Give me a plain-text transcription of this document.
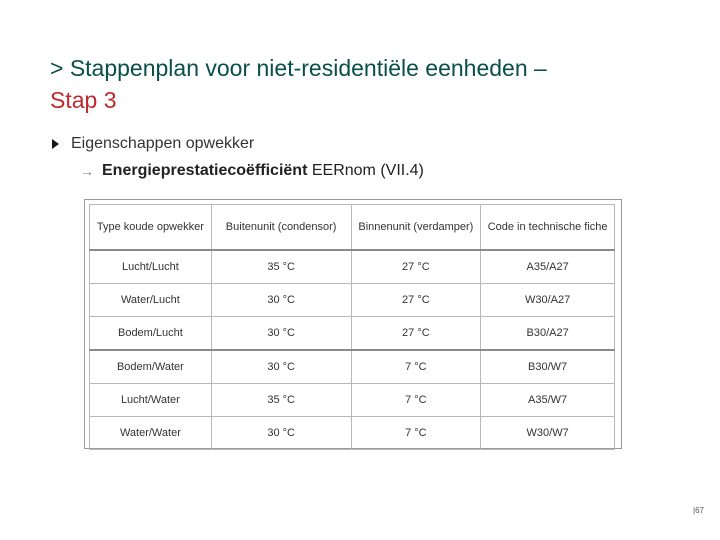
> Stappenplan voor niet-residentiële eenheden –
Stap 3
Eigenschappen opwekker
→ Energieprestatiecoëfficiënt EERnom (VII.4)
Type koude opwekker	Buitenunit (condensor)	Binnenunit (verdamper)	Code in technische fiche
Lucht/Lucht	35 °C	27 °C	A35/A27
Water/Lucht	30 °C	27 °C	W30/A27
Bodem/Lucht	30 °C	27 °C	B30/A27
Bodem/Water	30 °C	7 °C	B30/W7
Lucht/Water	35 °C	7 °C	A35/W7
Water/Water	30 °C	7 °C	W30/W7
|67
